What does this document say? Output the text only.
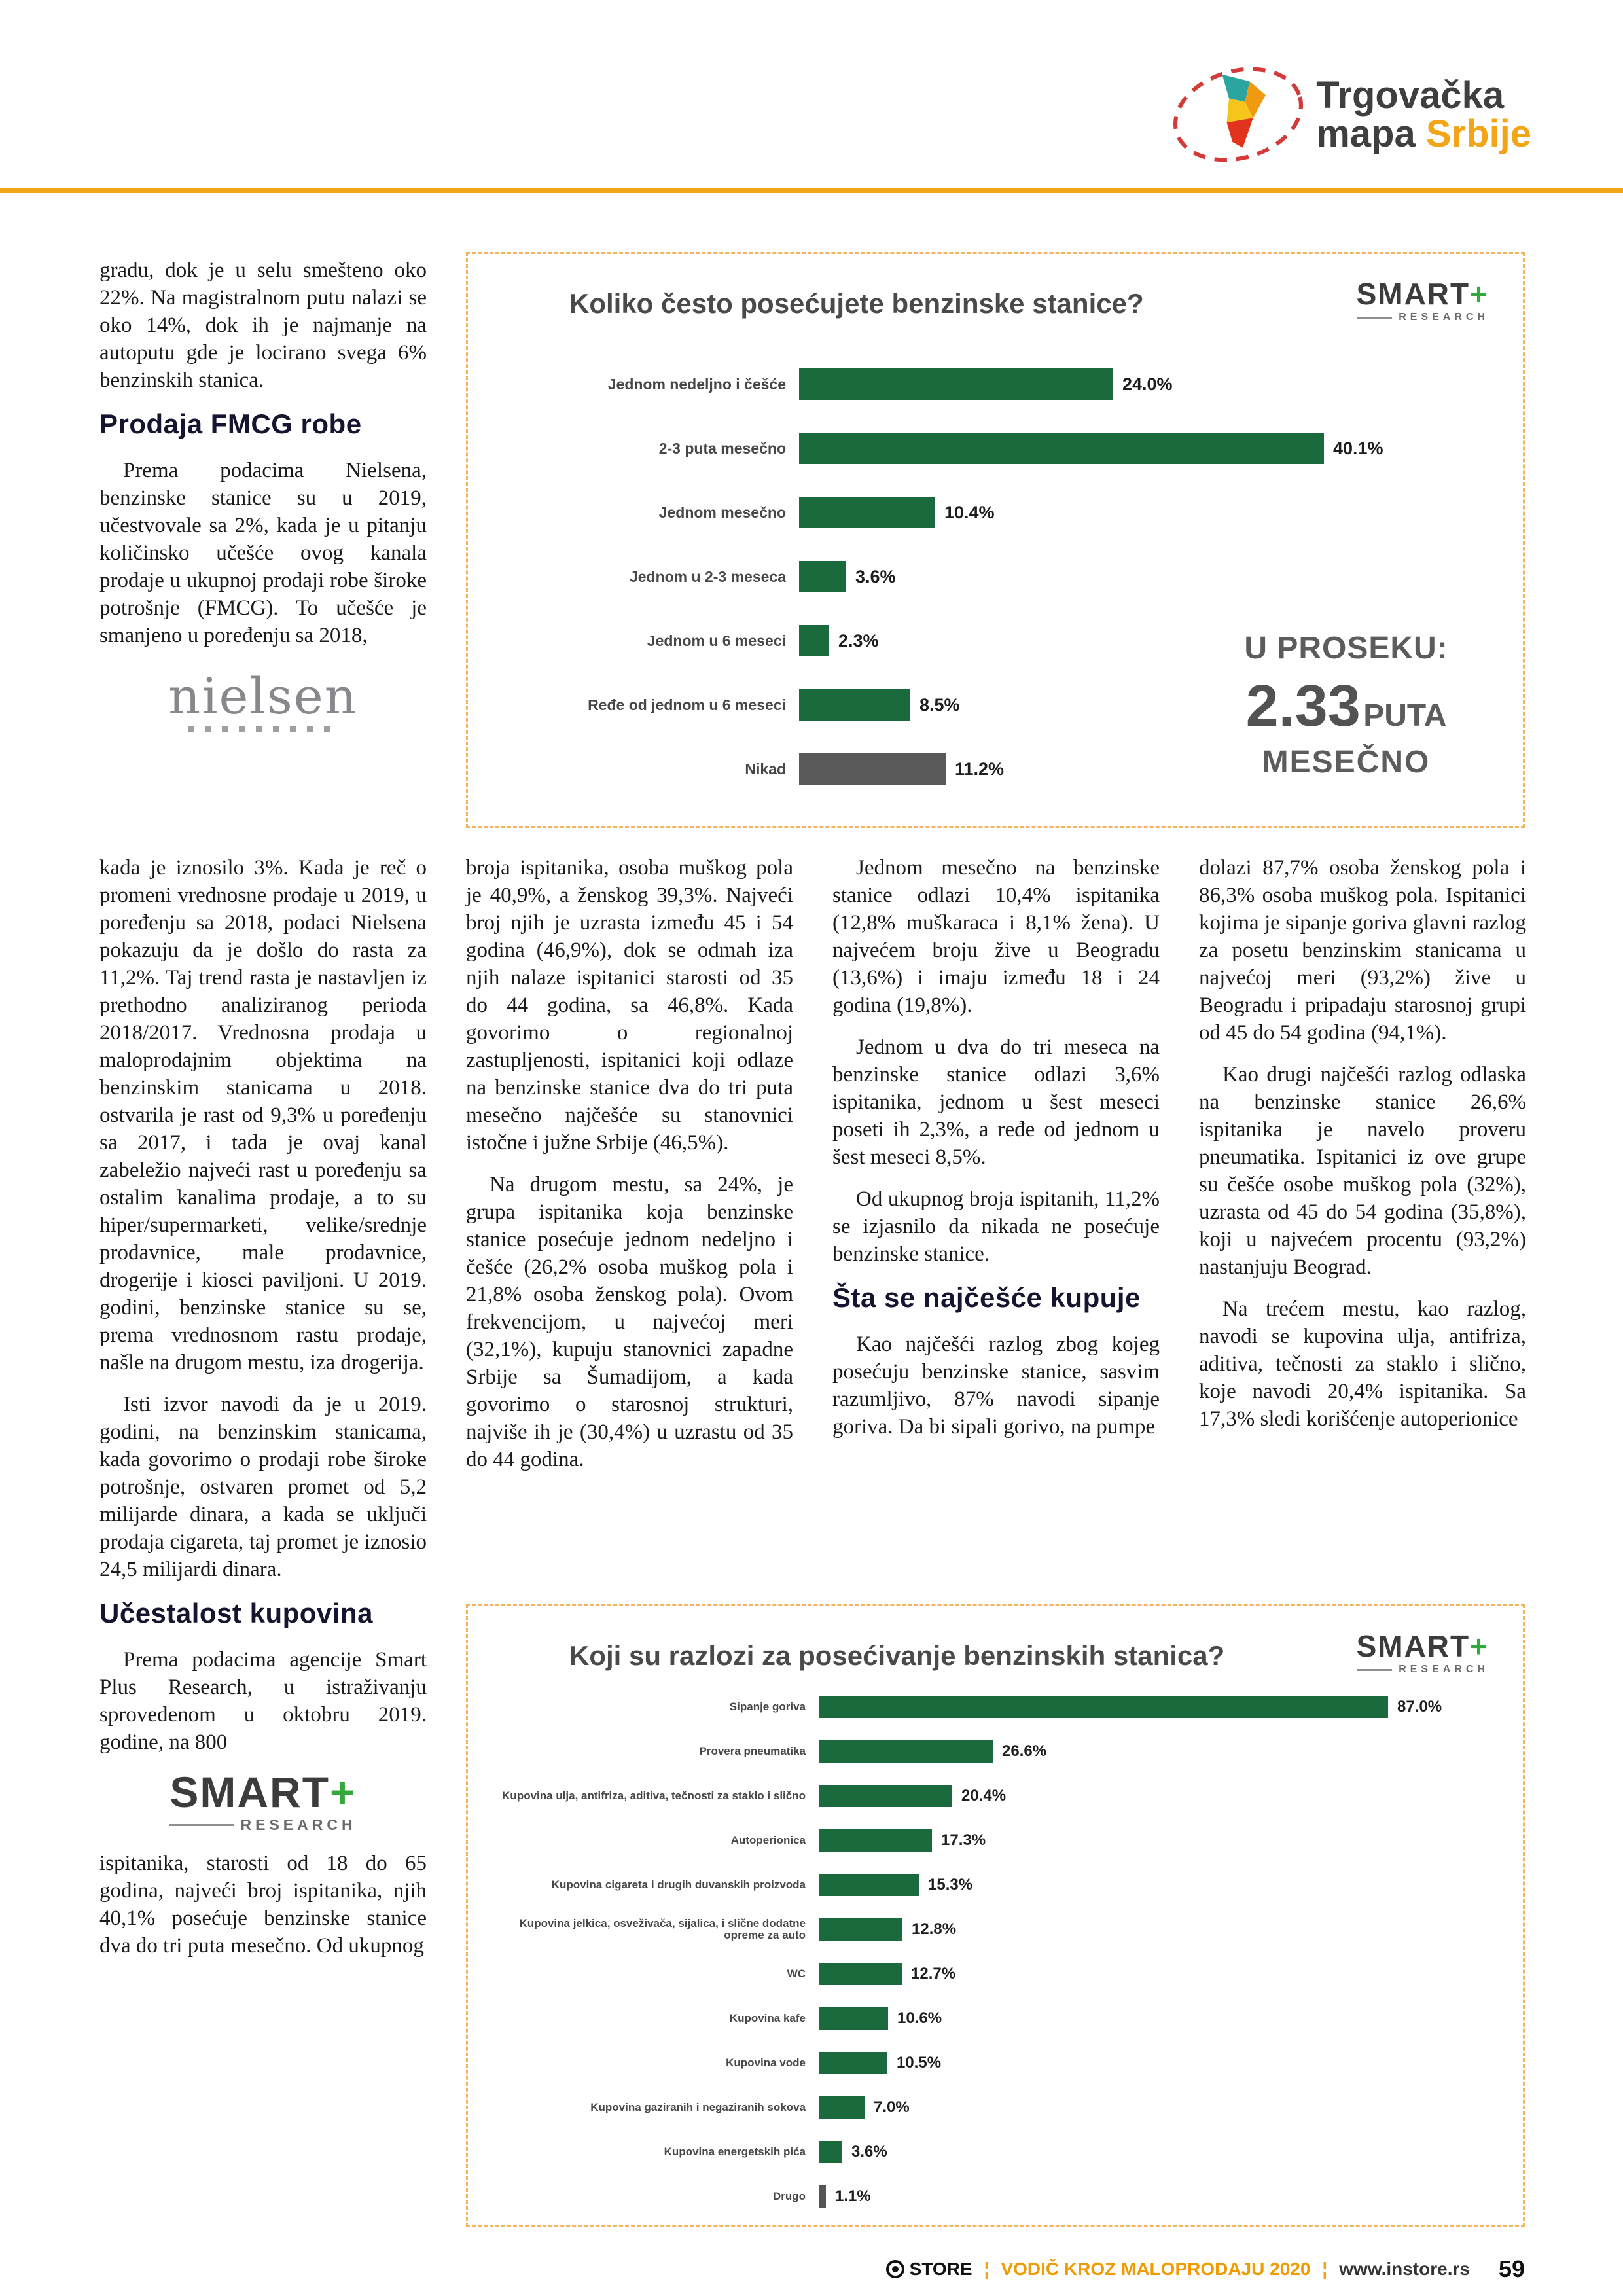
Trgovačka
mapa Srbije

gradu, dok je u selu smešteno oko 22%. Na magistralnom putu nalazi se oko 14%, dok ih je najmanje na autoputu gde je locirano svega 6% benzinskih stanica.

Prodaja FMCG robe

Prema podacima Nielsena, benzinske stanice su u 2019, učestvovale sa 2%, kada je u pitanju količinsko učešće ovog kanala prodaje u ukupnoj prodaji robe široke potrošnje (FMCG). To učešće je smanjeno u poređenju sa 2018,

nielsen
Koliko često posećujete benzinske stanice?	SMART+
RESEARCH
Jednom nedeljno i češće	24.0%
2-3 puta mesečno	40.1%
Jednom mesečno	10.4%
Jednom u 2-3 meseca	3.6%
Jednom u 6 meseci	2.3%
Ređe od jednom u 6 meseci	8.5%
Nikad	11.2%
U PROSEKU:
2.33 PUTA
MESEČNO

kada je iznosilo 3%. Kada je reč o promeni vrednosne prodaje u 2019, u poređenju sa 2018, podaci Nielsena pokazuju da je došlo do rasta za 11,2%. Taj trend rasta je nastavljen iz prethodno analiziranog perioda 2018/2017. Vrednosna prodaja u maloprodajnim objektima na benzinskim stanicama u 2018. ostvarila je rast od 9,3% u poređenju sa 2017, i tada je ovaj kanal zabeležio najveći rast u poređenju sa ostalim kanalima prodaje, a to su hiper/supermarketi, velike/srednje prodavnice, male prodavnice, drogerije i kiosci paviljoni. U 2019. godini, benzinske stanice su se, prema vrednosnom rastu prodaje, našle na drugom mestu, iza drogerija.

Isti izvor navodi da je u 2019. godini, na benzinskim stanicama, kada govorimo o prodaji robe široke potrošnje, ostvaren promet od 5,2 milijarde dinara, a kada se uključi prodaja cigareta, taj promet je iznosio 24,5 milijardi dinara.

Učestalost kupovina

Prema podacima agencije Smart Plus Research, u istraživanju sprovedenom u oktobru 2019. godine, na 800

SMART+
RESEARCH

ispitanika, starosti od 18 do 65 godina, najveći broj ispitanika, njih 40,1% posećuje benzinske stanice dva do tri puta mesečno. Od ukupnog

broja ispitanika, osoba muškog pola je 40,9%, a ženskog 39,3%. Najveći broj njih je uzrasta između 45 i 54 godina (46,9%), dok se odmah iza njih nalaze ispitanici starosti od 35 do 44 godina, sa 46,8%. Kada govorimo o regionalnoj zastupljenosti, ispitanici koji odlaze na benzinske stanice dva do tri puta mesečno najčešće su stanovnici istočne i južne Srbije (46,5%).

Na drugom mestu, sa 24%, je grupa ispitanika koja benzinske stanice posećuje jednom nedeljno i češće (26,2% osoba muškog pola i 21,8% osoba ženskog pola). Ovom frekvencijom, u najvećoj meri (32,1%), kupuju stanovnici zapadne Srbije sa Šumadijom, a kada govorimo o starosnoj strukturi, najviše ih je (30,4%) u uzrastu od 35 do 44 godina.

Jednom mesečno na benzinske stanice odlazi 10,4% ispitanika (12,8% muškaraca i 8,1% žena). U najvećem broju žive u Beogradu (13,6%) i imaju između 18 i 24 godina (19,8%).

Jednom u dva do tri meseca na benzinske stanice odlazi 3,6% ispitanika, jednom u šest meseci poseti ih 2,3%, a ređe od jednom u šest meseci 8,5%.

Od ukupnog broja ispitanih, 11,2% se izjasnilo da nikada ne posećuje benzinske stanice.

Šta se najčešće kupuje

Kao najčešći razlog zbog kojeg posećuju benzinske stanice, sasvim razumljivo, 87% navodi sipanje goriva. Da bi sipali gorivo, na pumpe

dolazi 87,7% osoba ženskog pola i 86,3% osoba muškog pola. Ispitanici kojima je sipanje goriva glavni razlog za posetu benzinskim stanicama u najvećoj meri (93,2%) žive u Beogradu i pripadaju starosnoj grupi od 45 do 54 godina (94,1%).

Kao drugi najčešći razlog odlaska na benzinske stanice 26,6% ispitanika je navelo proveru pneumatika. Ispitanici iz ove grupe su češće osobe muškog pola (32%), uzrasta od 45 do 54 godina (35,8%), koji u najvećem procentu (93,2%) nastanjuju Beograd.

Na trećem mestu, kao razlog, navodi se kupovina ulja, antifriza, aditiva, tečnosti za staklo i slično, koje navodi 20,4% ispitanika. Sa 17,3% sledi korišćenje autoperionice

Koji su razlozi za posećivanje benzinskih stanica?	SMART+
RESEARCH
Sipanje goriva	87.0%
Provera pneumatika	26.6%
Kupovina ulja, antifriza, aditiva, tečnosti za staklo i slično	20.4%
Autoperionica	17.3%
Kupovina cigareta i drugih duvanskih proizvoda	15.3%
Kupovina jelkica, osveživača, sijalica, i slične dodatne opreme za auto	12.8%
WC	12.7%
Kupovina kafe	10.6%
Kupovina vode	10.5%
Kupovina gaziranih i negaziranih sokova	7.0%
Kupovina energetskih pića	3.6%
Drugo	1.1%
STORE ¦ VODIČ KROZ MALOPRODAJU 2020 ¦ www.instore.rs 59
